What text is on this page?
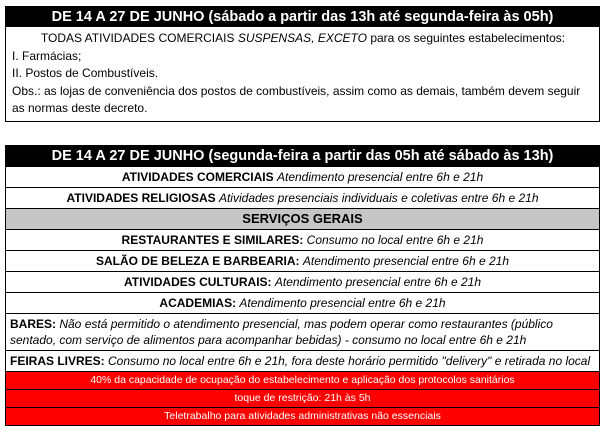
DE 14 A 27 DE JUNHO (sábado a partir das 13h até segunda-feira às 05h)
TODAS ATIVIDADES COMERCIAIS SUSPENSAS, EXCETO para os seguintes estabelecimentos:
I. Farmácias;
II. Postos de Combustíveis.
Obs.: as lojas de conveniência dos postos de combustíveis, assim como as demais, também devem seguir as normas deste decreto.
DE 14 A 27 DE JUNHO (segunda-feira a partir das 05h até sábado às 13h)
ATIVIDADES COMERCIAIS Atendimento presencial entre 6h e 21h
ATIVIDADES RELIGIOSAS Atividades presenciais individuais e coletivas entre 6h e 21h
SERVIÇOS GERAIS
RESTAURANTES E SIMILARES: Consumo no local entre 6h e 21h
SALÃO DE BELEZA E BARBEARIA: Atendimento presencial entre 6h e 21h
ATIVIDADES CULTURAIS: Atendimento presencial entre 6h e 21h
ACADEMIAS: Atendimento presencial entre 6h e 21h
BARES: Não está permitido o atendimento presencial, mas podem operar como restaurantes (público sentado, com serviço de alimentos para acompanhar bebidas) - consumo no local entre 6h e 21h
FEIRAS LIVRES: Consumo no local entre 6h e 21h, fora deste horário permitido "delivery" e retirada no local
40% da capacidade de ocupação do estabelecimento e aplicação dos protocolos sanitários
toque de restrição: 21h às 5h
Teletrabalho para atividades administrativas não essenciais
